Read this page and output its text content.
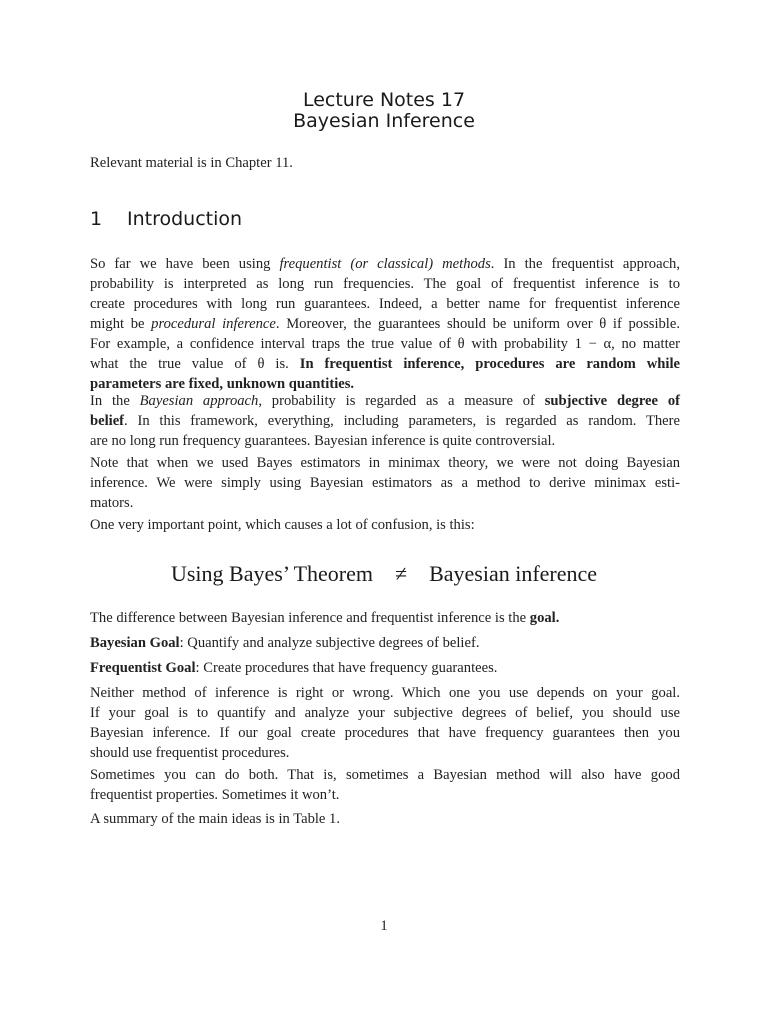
Lecture Notes 17
Bayesian Inference

Relevant material is in Chapter 11.

1 Introduction
So far we have been using frequentist (or classical) methods. In the frequentist approach,
probability is interpreted as long run frequencies. The goal of frequentist inference is to
create procedures with long run guarantees. Indeed, a better name for frequentist inference
might be procedural inference. Moreover, the guarantees should be uniform over θ if possible.
For example, a confidence interval traps the true value of θ with probability 1 − α, no matter
what the true value of θ is. In frequentist inference, procedures are random while
parameters are fixed, unknown quantities.
In the Bayesian approach, probability is regarded as a measure of subjective degree of
belief. In this framework, everything, including parameters, is regarded as random. There
are no long run frequency guarantees. Bayesian inference is quite controversial.
Note that when we used Bayes estimators in minimax theory, we were not doing Bayesian
inference. We were simply using Bayesian estimators as a method to derive minimax esti-
mators.

One very important point, which causes a lot of confusion, is this:

Using Bayes’ Theorem ≠ Bayesian inference
The difference between Bayesian inference and frequentist inference is the goal.
Bayesian Goal: Quantify and analyze subjective degrees of belief.
Frequentist Goal: Create procedures that have frequency guarantees.
Neither method of inference is right or wrong. Which one you use depends on your goal.
If your goal is to quantify and analyze your subjective degrees of belief, you should use
Bayesian inference. If our goal create procedures that have frequency guarantees then you
should use frequentist procedures.
Sometimes you can do both. That is, sometimes a Bayesian method will also have good
frequentist properties. Sometimes it won’t.

A summary of the main ideas is in Table 1.

1
